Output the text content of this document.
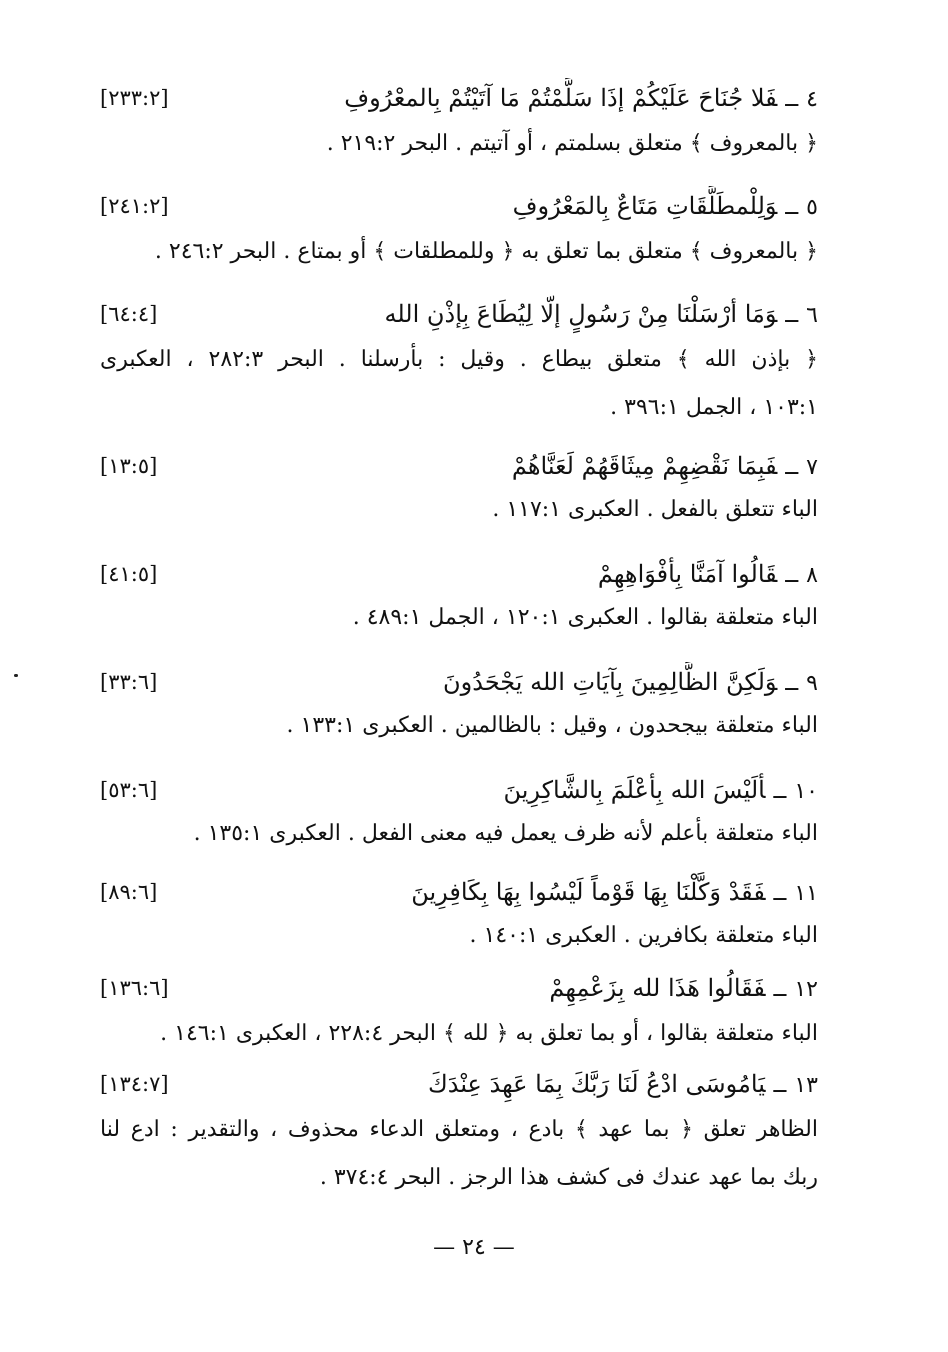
٤ــفَلا جُنَاحَ عَلَيْكُمْ إذَا سَلَّمْتُمْ مَا آتَيْتُمْ بِالمعْرُوفِ
[٢٣٣:٢]
﴿ بالمعروف ﴾ متعلق بسلمتم ، أو آتيتم . البحر ٢١٩:٢ .
٥ــوَلِلْمطَلَّقَاتِ مَتَاعٌ بِالمَعْرُوفِ
[٢٤١:٢]
﴿ بالمعروف ﴾ متعلق بما تعلق به ﴿ وللمطلقات ﴾ أو بمتاع . البحر ٢٤٦:٢ .
٦ــوَمَا أرْسَلْنَا مِنْ رَسُولٍ إلّا لِيُطَاعَ بِإذْنِ الله
[٦٤:٤]
﴿ بإذن الله ﴾ متعلق بيطاع . وقيل : بأرسلنا . البحر ٢٨٢:٣ ، العكبرى
١٠٣:١ ، الجمل ٣٩٦:١ .
٧ــفَبِمَا نَقْضِهِمْ مِيثَاقَهُمْ لَعَنَّاهُمْ
[١٣:٥]
الباء تتعلق بالفعل . العكبرى ١١٧:١ .
٨ــقَالُوا آمَنَّا بِأفْوَاهِهِمْ
[٤١:٥]
الباء متعلقة بقالوا . العكبرى ١٢٠:١ ، الجمل ٤٨٩:١ .
٩ــوَلَكِنَّ الظَّالِمِينَ بِآيَاتِ الله يَجْحَدُونَ
[٣٣:٦]
الباء متعلقة بيجحدون ، وقيل : بالظالمين . العكبرى ١٣٣:١ .
١٠ــألَيْسَ الله بِأعْلَمَ بِالشَّاكِرِينَ
[٥٣:٦]
الباء متعلقة بأعلم لأنه ظرف يعمل فيه معنى الفعل . العكبرى ١٣٥:١ .
١١ــفَقَدْ وَكَّلْنَا بِهَا قَوْماً لَيْسُوا بِهَا بِكَافِرِينَ
[٨٩:٦]
الباء متعلقة بكافرين . العكبرى ١٤٠:١ .
١٢ــفَقَالُوا هَذَا لله بِزَعْمِهِمْ
[١٣٦:٦]
الباء متعلقة بقالوا ، أو بما تعلق به ﴿ لله ﴾ البحر ٢٢٨:٤ ، العكبرى ١٤٦:١ .
١٣ــيَامُوسَى ادْعُ لَنَا رَبَّكَ بِمَا عَهِدَ عِنْدَكَ
[١٣٤:٧]
الظاهر تعلق ﴿ بما عهد ﴾ بادع ، ومتعلق الدعاء محذوف ، والتقدير : ادع لنا
ربك بما عهد عندك فى كشف هذا الرجز . البحر ٣٧٤:٤ .
— ٢٤ —
